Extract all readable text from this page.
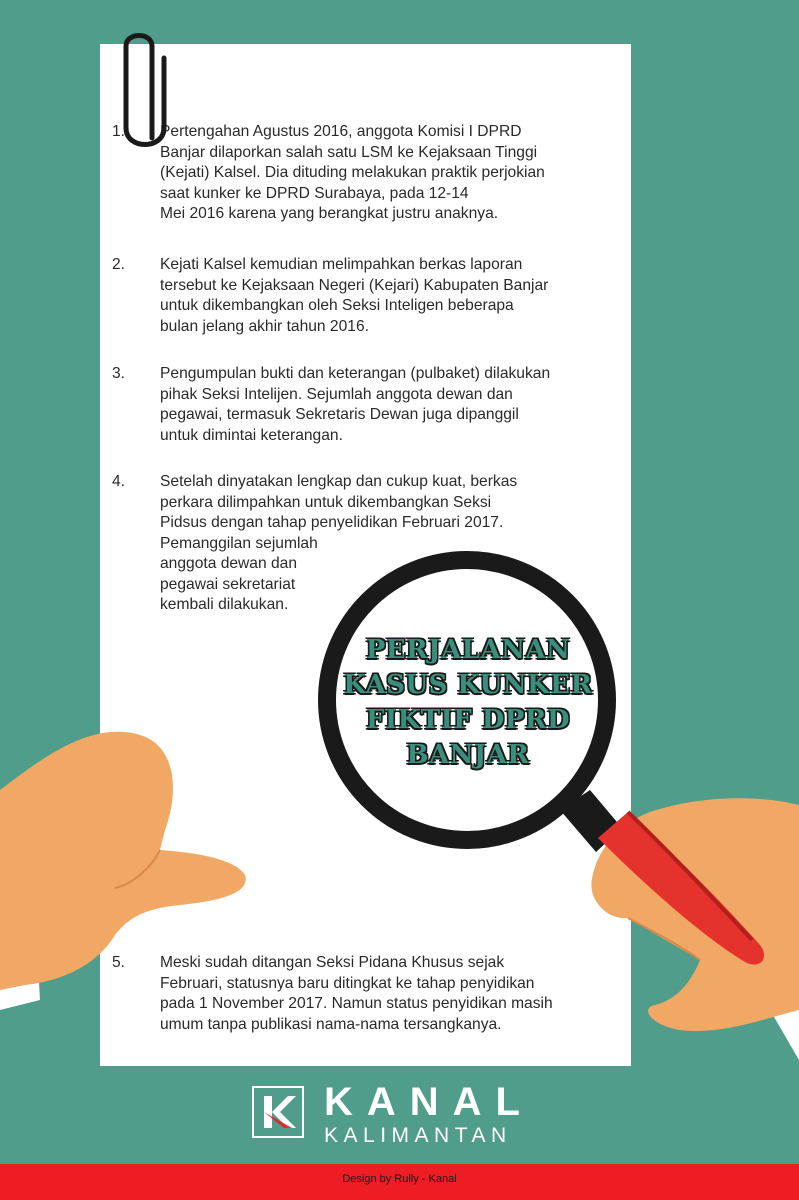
1. Pertengahan Agustus 2016, anggota Komisi I DPRD
Banjar dilaporkan salah satu LSM ke Kejaksaan Tinggi
(Kejati) Kalsel. Dia dituding melakukan praktik perjokian
saat kunker ke DPRD Surabaya, pada 12-14
Mei 2016 karena yang berangkat justru anaknya.
2. Kejati Kalsel kemudian melimpahkan berkas laporan
tersebut ke Kejaksaan Negeri (Kejari) Kabupaten Banjar
untuk dikembangkan oleh Seksi Inteligen beberapa
bulan jelang akhir tahun 2016.
3. Pengumpulan bukti dan keterangan (pulbaket) dilakukan
pihak Seksi Intelijen. Sejumlah anggota dewan dan
pegawai, termasuk Sekretaris Dewan juga dipanggil
untuk dimintai keterangan.
4. Setelah dinyatakan lengkap dan cukup kuat, berkas
perkara dilimpahkan untuk dikembangkan Seksi
Pidsus dengan tahap penyelidikan Februari 2017.
Pemanggilan sejumlah
anggota dewan dan
pegawai sekretariat
kembali dilakukan.
5. Meski sudah ditangan Seksi Pidana Khusus sejak
Februari, statusnya baru ditingkat ke tahap penyidikan
pada 1 November 2017. Namun status penyidikan masih
umum tanpa publikasi nama-nama tersangkanya.
PERJALANAN
KASUS KUNKER
FIKTIF DPRD
BANJAR
KANAL
KALIMANTAN
Design by Rully - Kanal
